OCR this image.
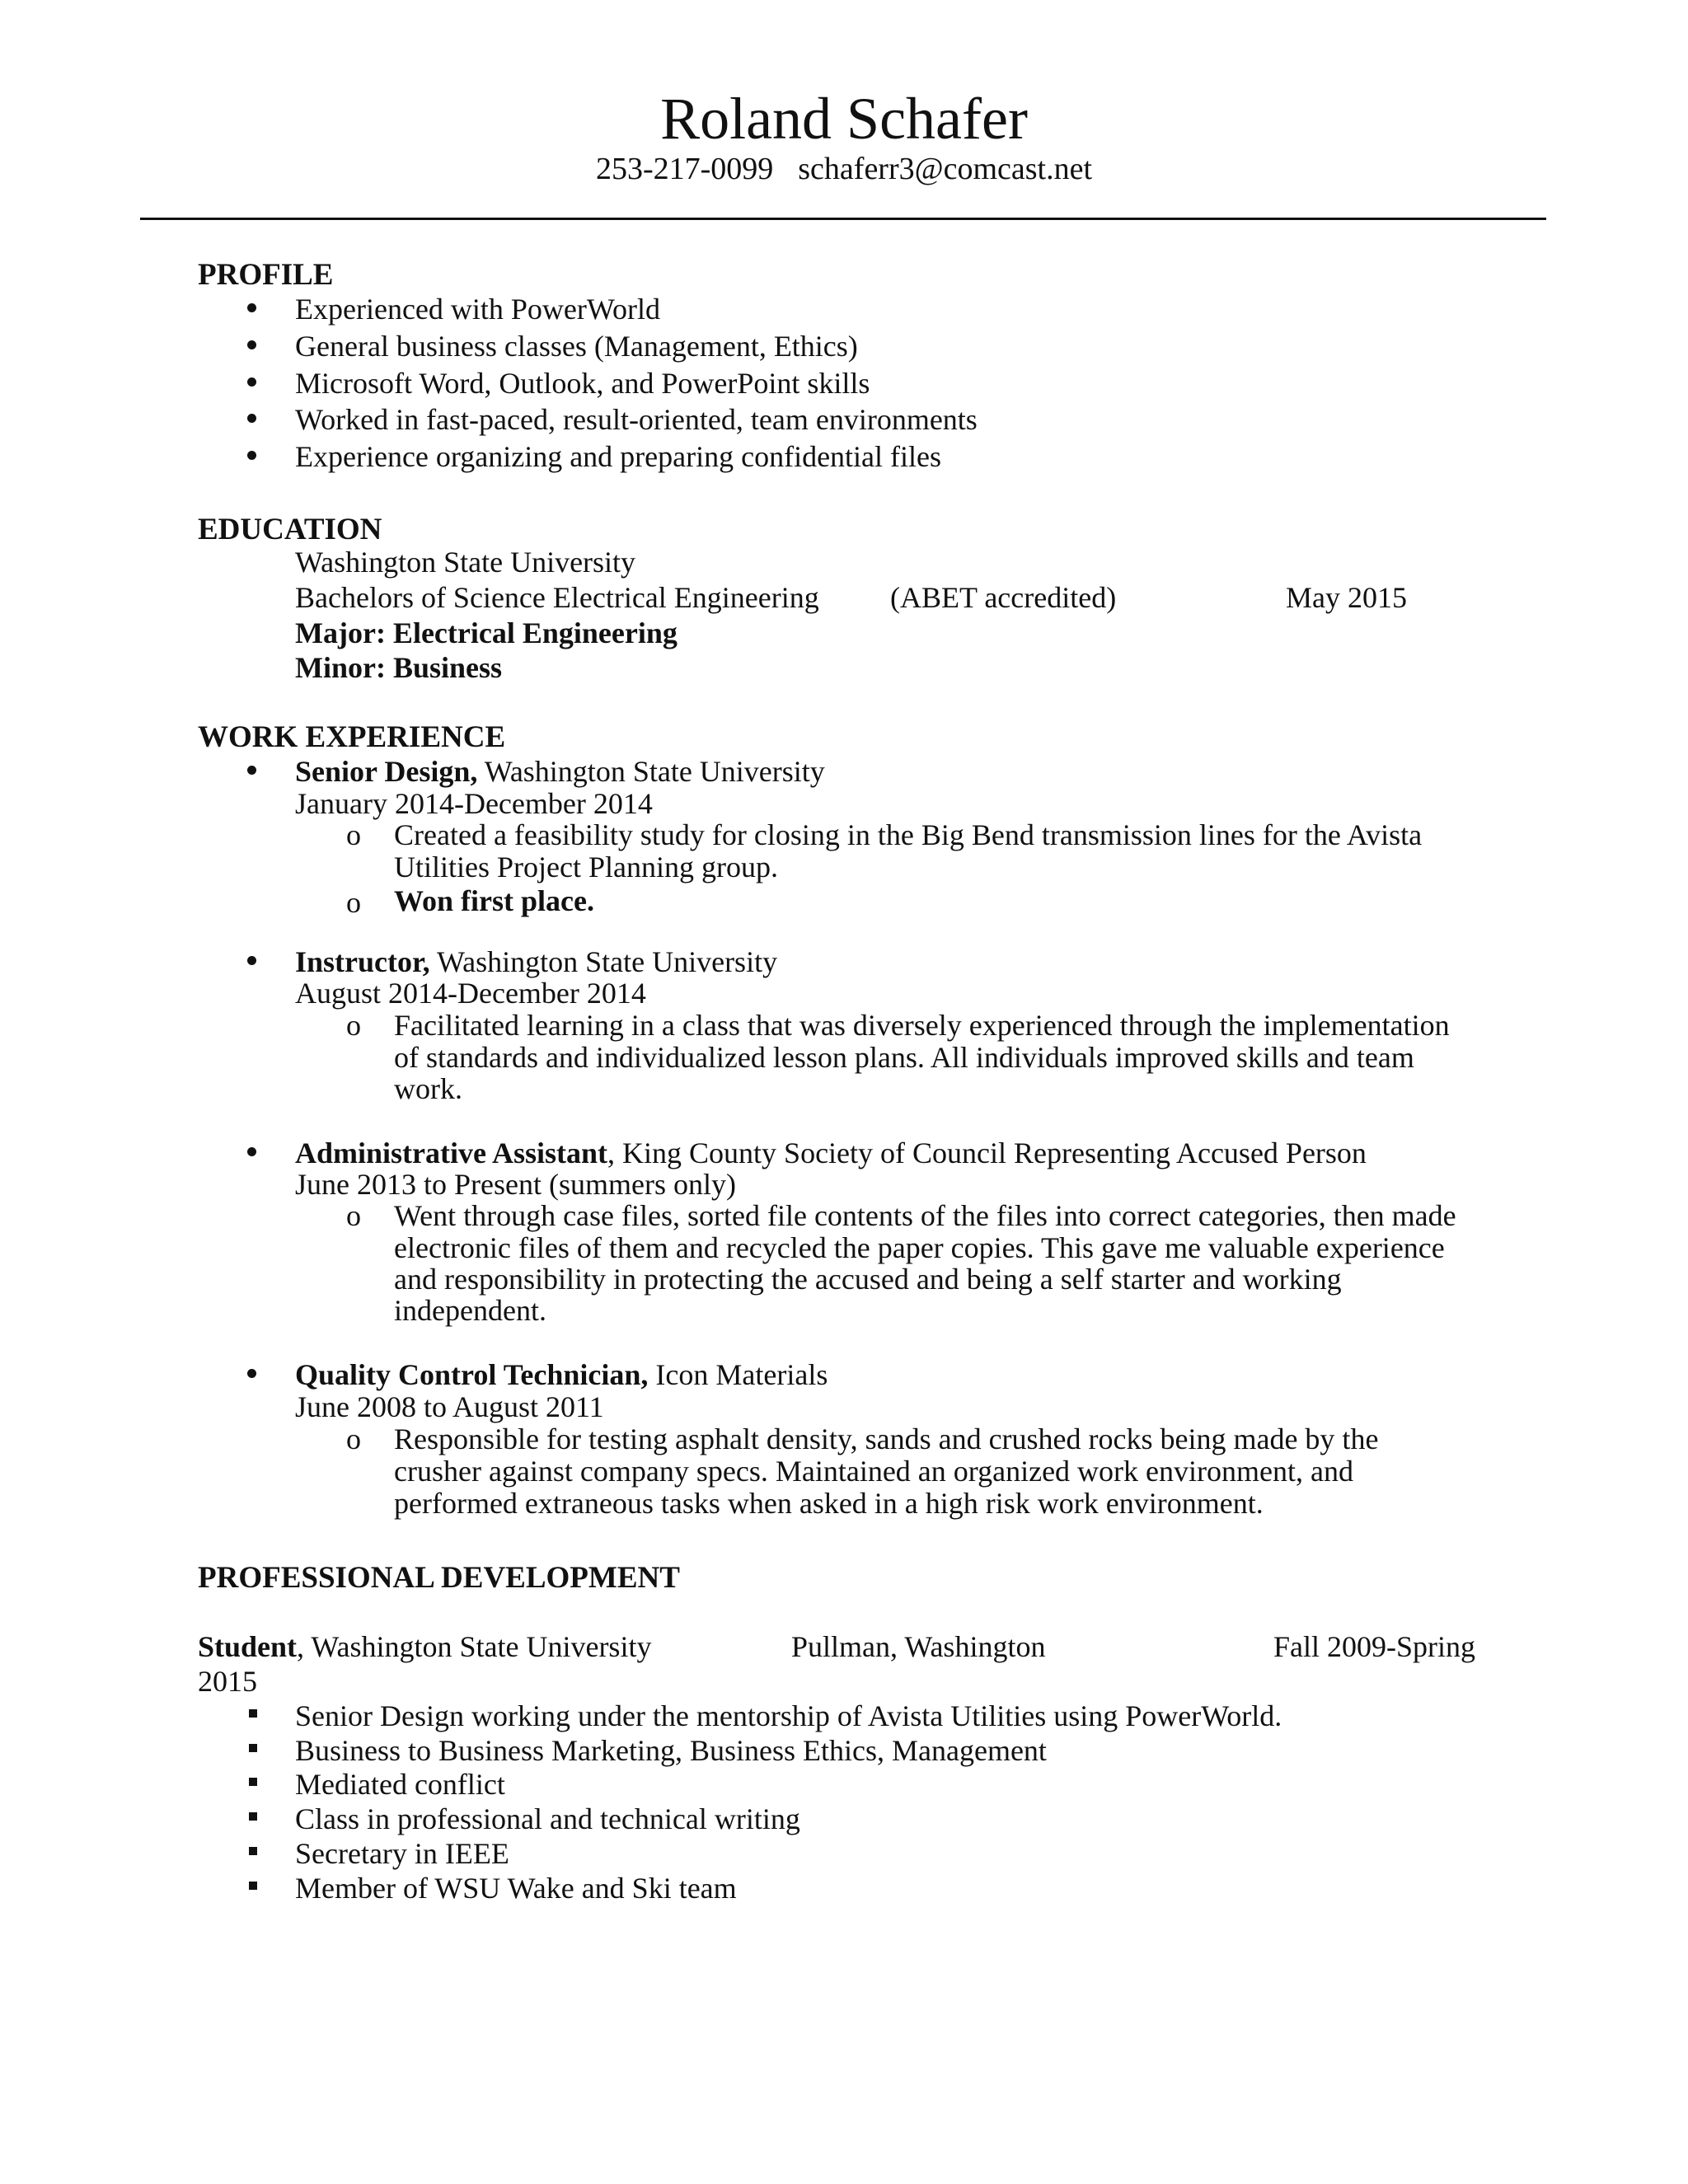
Roland Schafer
253-217-0099 schaferr3@comcast.net
PROFILE
Experienced with PowerWorld
General business classes (Management, Ethics)
Microsoft Word, Outlook, and PowerPoint skills
Worked in fast-paced, result-oriented, team environments
Experience organizing and preparing confidential files
EDUCATION
Washington State University
Bachelors of Science Electrical Engineering (ABET accredited)	May 2015
Major: Electrical Engineering
Minor: Business
WORK EXPERIENCE
Senior Design, Washington State University
January 2014-December 2014
o Created a feasibility study for closing in the Big Bend transmission lines for the Avista
Utilities Project Planning group.
o Won first place.
Instructor, Washington State University
August 2014-December 2014
o Facilitated learning in a class that was diversely experienced through the implementation
of standards and individualized lesson plans. All individuals improved skills and team
work.
Administrative Assistant, King County Society of Council Representing Accused Person
June 2013 to Present (summers only)
o Went through case files, sorted file contents of the files into correct categories, then made
electronic files of them and recycled the paper copies. This gave me valuable experience
and responsibility in protecting the accused and being a self starter and working
independent.
Quality Control Technician, Icon Materials
June 2008 to August 2011
o Responsible for testing asphalt density, sands and crushed rocks being made by the
crusher against company specs. Maintained an organized work environment, and
performed extraneous tasks when asked in a high risk work environment.
PROFESSIONAL DEVELOPMENT
Student, Washington State University	Pullman, Washington	Fall 2009-Spring
2015
Senior Design working under the mentorship of Avista Utilities using PowerWorld.
Business to Business Marketing, Business Ethics, Management
Mediated conflict
Class in professional and technical writing
Secretary in IEEE
Member of WSU Wake and Ski team
